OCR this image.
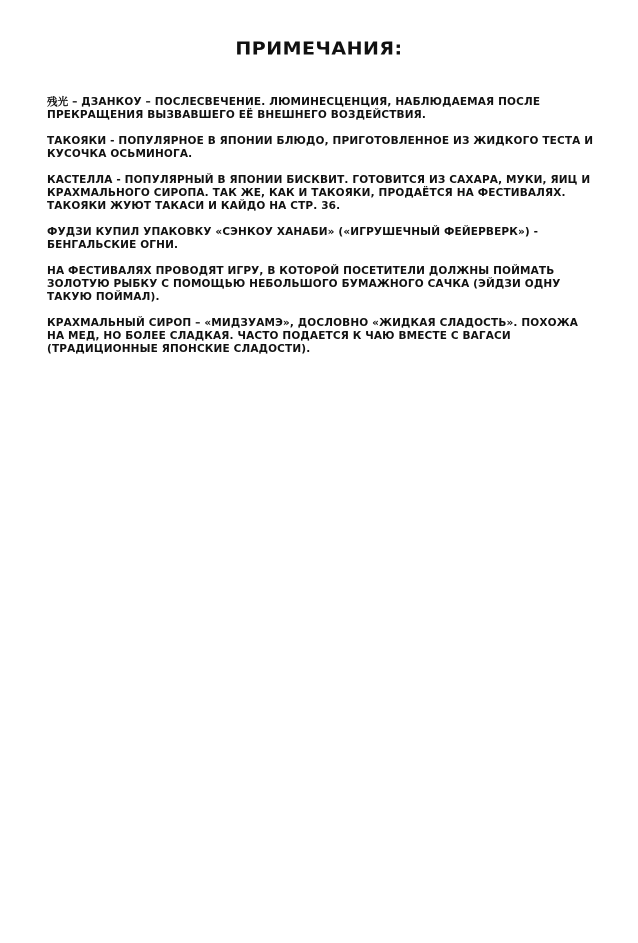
ПРИМЕЧАНИЯ:

残光 – ДЗАНКОУ – ПОСЛЕСВЕЧЕНИЕ. ЛЮМИНЕСЦЕНЦИЯ, НАБЛЮДАЕМАЯ ПОСЛЕ ПРЕКРАЩЕНИЯ ВЫЗВАВШЕГО ЕЁ ВНЕШНЕГО ВОЗДЕЙСТВИЯ.

ТАКОЯКИ - ПОПУЛЯРНОЕ В ЯПОНИИ БЛЮДО, ПРИГОТОВЛЕННОЕ ИЗ ЖИДКОГО ТЕСТА И КУСОЧКА ОСЬМИНОГА.

КАСТЕЛЛА - ПОПУЛЯРНЫЙ В ЯПОНИИ БИСКВИТ. ГОТОВИТСЯ ИЗ САХАРА, МУКИ, ЯИЦ И КРАХМАЛЬНОГО СИРОПА. ТАК ЖЕ, КАК И ТАКОЯКИ, ПРОДАЁТСЯ НА ФЕСТИВАЛЯХ. ТАКОЯКИ ЖУЮТ ТАКАСИ И КАЙДО НА СТР. 36.

ФУДЗИ КУПИЛ УПАКОВКУ «СЭНКОУ ХАНАБИ» («ИГРУШЕЧНЫЙ ФЕЙЕРВЕРК») - БЕНГАЛЬСКИЕ ОГНИ.

НА ФЕСТИВАЛЯХ ПРОВОДЯТ ИГРУ, В КОТОРОЙ ПОСЕТИТЕЛИ ДОЛЖНЫ ПОЙМАТЬ ЗОЛОТУЮ РЫБКУ С ПОМОЩЬЮ НЕБОЛЬШОГО БУМАЖНОГО САЧКА (ЭЙДЗИ ОДНУ ТАКУЮ ПОЙМАЛ).

КРАХМАЛЬНЫЙ СИРОП – «МИДЗУАМЭ», ДОСЛОВНО «ЖИДКАЯ СЛАДОСТЬ». ПОХОЖА НА МЕД, НО БОЛЕЕ СЛАДКАЯ. ЧАСТО ПОДАЕТСЯ К ЧАЮ ВМЕСТЕ С ВАГАСИ (ТРАДИЦИОННЫЕ ЯПОНСКИЕ СЛАДОСТИ).
